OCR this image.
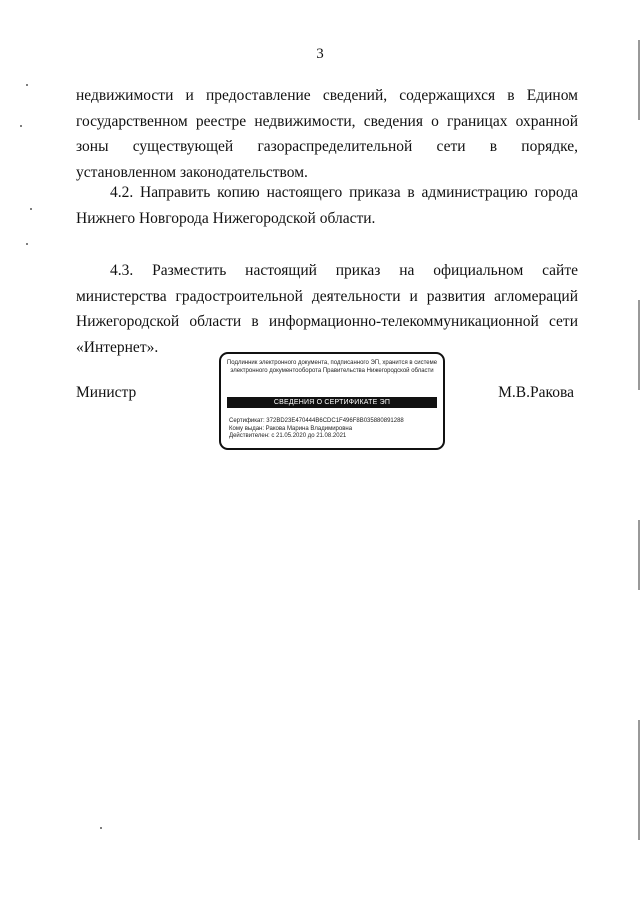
3
недвижимости и предоставление сведений, содержащихся в Едином государственном реестре недвижимости, сведения о границах охранной зоны существующей газораспределительной сети в порядке, установленном законодательством.
4.2. Направить копию настоящего приказа в администрацию города Нижнего Новгорода Нижегородской области.
4.3. Разместить настоящий приказ на официальном сайте министерства градостроительной деятельности и развития агломераций Нижегородской области в информационно-телекоммуникационной сети «Интернет».
Министр
Подлинник электронного документа, подписанного ЭП, хранится в системе электронного документооборота Правительства Нижегородской области
СВЕДЕНИЯ О СЕРТИФИКАТЕ ЭП
Сертификат: 372BD23E470444B6CDC1F496F8B035880891288
Кому выдан: Ракова Марина Владимировна
Действителен: с 21.05.2020 до 21.08.2021
М.В.Ракова
